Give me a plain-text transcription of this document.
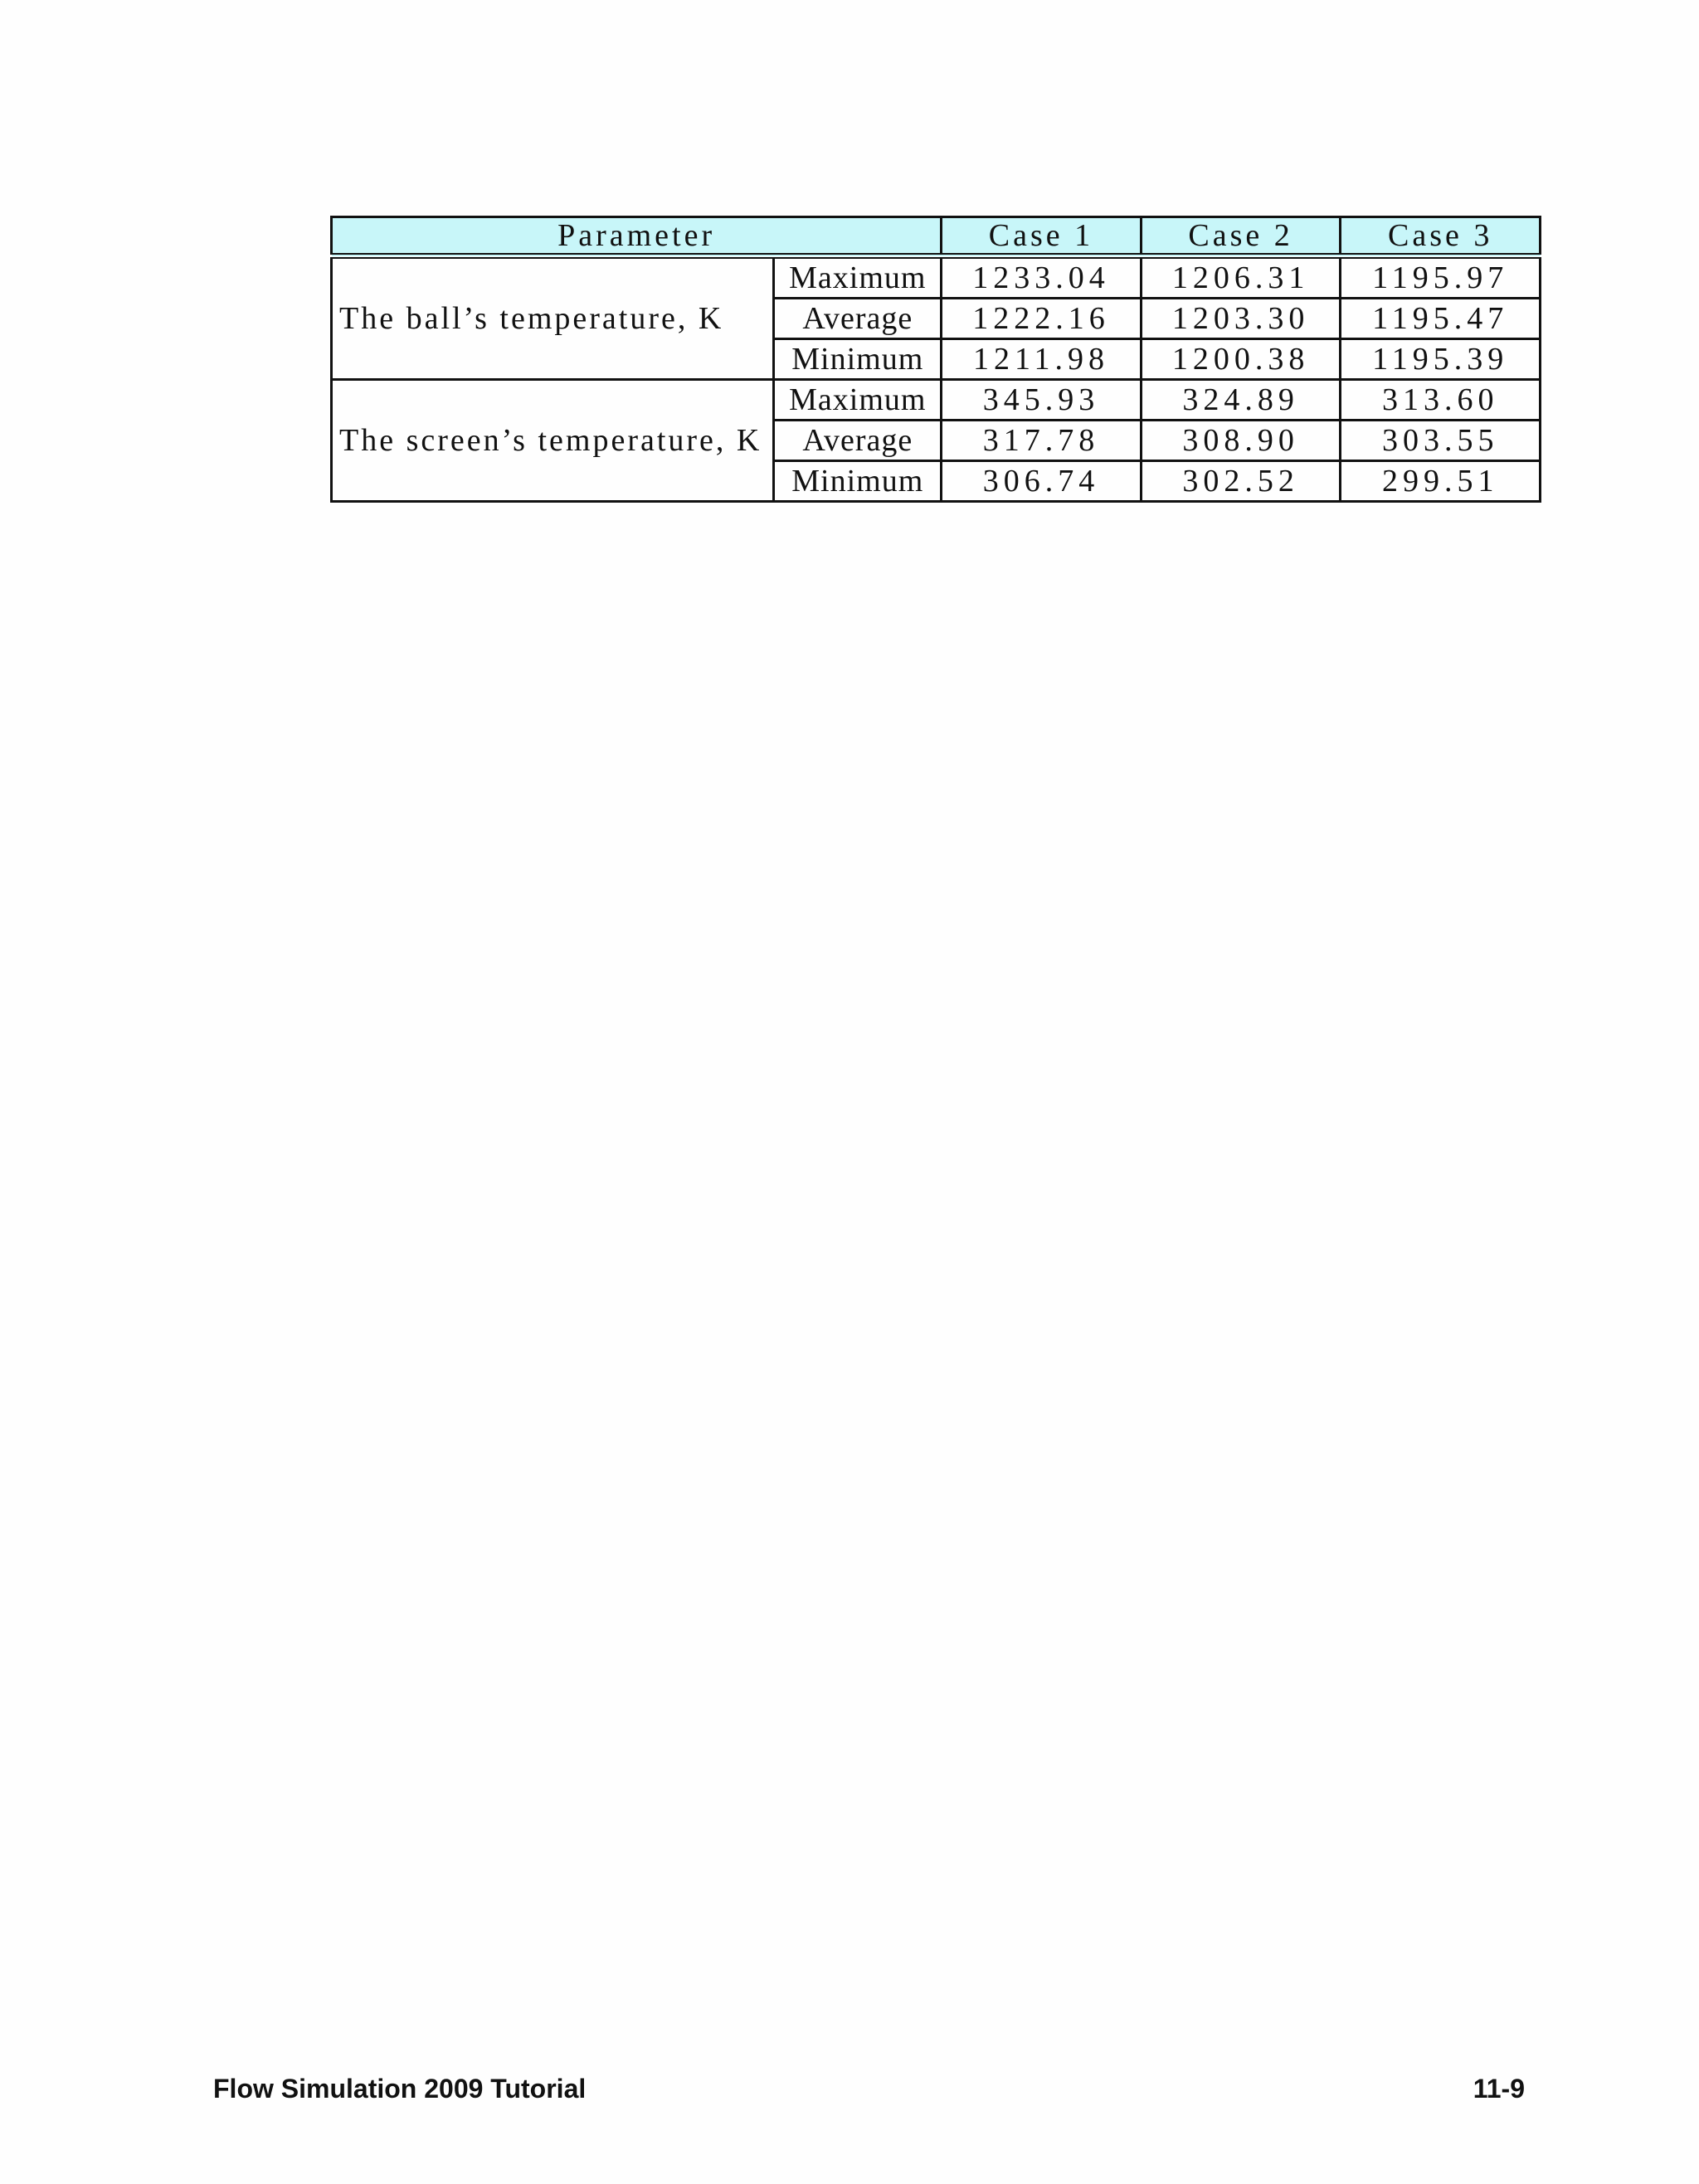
Parameter		Case 1	Case 2	Case 3
The ball’s temperature, K	Maximum	1233.04	1206.31	1195.97
	Average	1222.16	1203.30	1195.47
	Minimum	1211.98	1200.38	1195.39
The screen’s temperature, K	Maximum	345.93	324.89	313.60
	Average	317.78	308.90	303.55
	Minimum	306.74	302.52	299.51
Flow Simulation 2009 Tutorial	11-9
